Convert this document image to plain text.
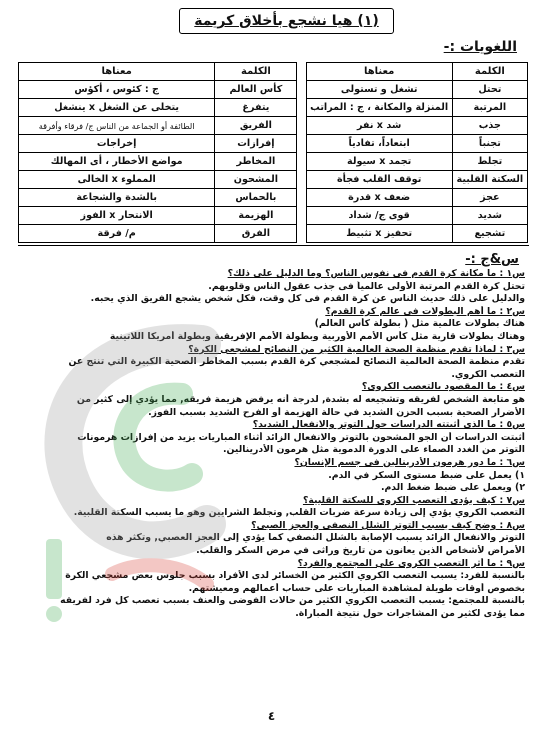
(١) هيا نشجع بأخلاق كريمة
اللغويات :-
الكلمة	معناها		الكلمة	معناها
تحتل	تشغل و تستولى		كأس العالم	ج : كئوس ، أكؤس
المرتبة	المنزلة والمكانة ، ج : المراتب		يتفرغ	يتخلى عن الشغل x ينشغل
جذب	شد x نفر		الفريق	الطائفة أو الجماعة من الناس ج/ فرقاء وأفرقة
تجنباً	ابتعاداً، تفادياً		إفرازات	إخراجات
تجلط	تجمد x سيولة		المخاطر	مواضع الأخطار ، أى المهالك
السكتة القلبية	توقف القلب فجأة		المشحون	المملوء x الخالى
عجز	ضعف x قدرة		بالحماس	بالشدة والشجاعة
شديد	قوى ج/ شداد		الهزيمة	الانتحار x الفوز
تشجيع	تحفيز x تثبيط		الفرق	م/ فرقة
س&ج :-

س١ : ما مكانة كرة القدم فى نفوس الناس؟ وما الدليل على ذلك؟

تحتل كرة القدم المرتبة الأولى عالمياً فى جذب عقول الناس وقلوبهم.

والدليل على ذلك حديث الناس عن كرة القدم فى كل وقت، فكل شخص يشجع الفريق الذي يحبه.

س٢ : ما أهم البطولات فى عالم كرة القدم؟

هناك بطولات عالمية مثل ( بطولة كأس العالم)

وهناك بطولات قارية مثل كأس الأمم الأوربية وبطولة الأمم الإفريقية وبطولة أمريكا اللاتينية

س٣ : لماذا تقدم منظمة الصحة العالمية الكثير من النصائح لمشجعى الكرة؟

تقدم منظمة الصحة العالمية النصائح لمشجعي كرة القدم بسبب المخاطر الصحية الكبيرة التي تنتج عن

التعصب الكروي.

س٤ : ما المقصود بالتعصب الكروى؟

هو متابعة الشخص لفريقه وتشجيعه له بشدة, لدرجة أنه يرفض هزيمة فريقه, مما يؤدي إلى كثير من

الأضرار الصحية بسبب الحزن الشديد في حالة الهزيمة أو الفرح الشديد بسبب الفوز.

س٥ : ما الذى أثبتته الدراسات حول التوتر والانفعال الشديد؟

أثبتت الدراسات أن الجو المشحون بالتوتر والانفعال الزائد أثناء المباريات يزيد من إفرازات هرمونات

التوتر من الغدد الصماء على الدورة الدموية مثل هرمون الأدرينالين.

س٦ : ما دور هرمون الأدرينالين فى جسم الإنسان؟

١) يعمل على ضبط مستوى السكر في الدم.

٢) ويعمل على ضبط ضغط الدم.

س٧ : كيف يؤدى التعصب الكروى للسكتة القلبية؟

التعصب الكروي يؤدي إلى زيادة سرعة ضربات القلب, وتجلط الشرايين وهو ما يسبب السكتة القلبية.

س٨ : وضح كيف يسبب التوتر الشلل النصفى والعجز الصبى؟

التوتر والانفعال الزائد يسبب الإصابة بالشلل النصفي كما يؤدي إلى العجز العصبي, وتكثر هذه

الأمراض لأشخاص الذين يعانون من تاريخ وراثى في مرض السكر والقلب.

س٩ : ما أثر التعصب الكروى على المجتمع والفرد؟

بالنسبة للفرد: يسبب التعصب الكروي الكثير من الخسائر لدى الأفراد بسبب جلوس بعض مشجعي الكرة

بخصوص أوقات طويلة لمشاهدة المباريات على حساب أعمالهم ومعيشتهم.

بالنسبة للمجتمع: يسبب التعصب الكروي الكثير من حالات الفوضى والعنف بسبب تعصب كل فرد لفريقه

مما يؤدى لكثير من المشاجرات حول نتيجة المباراة.

٤
